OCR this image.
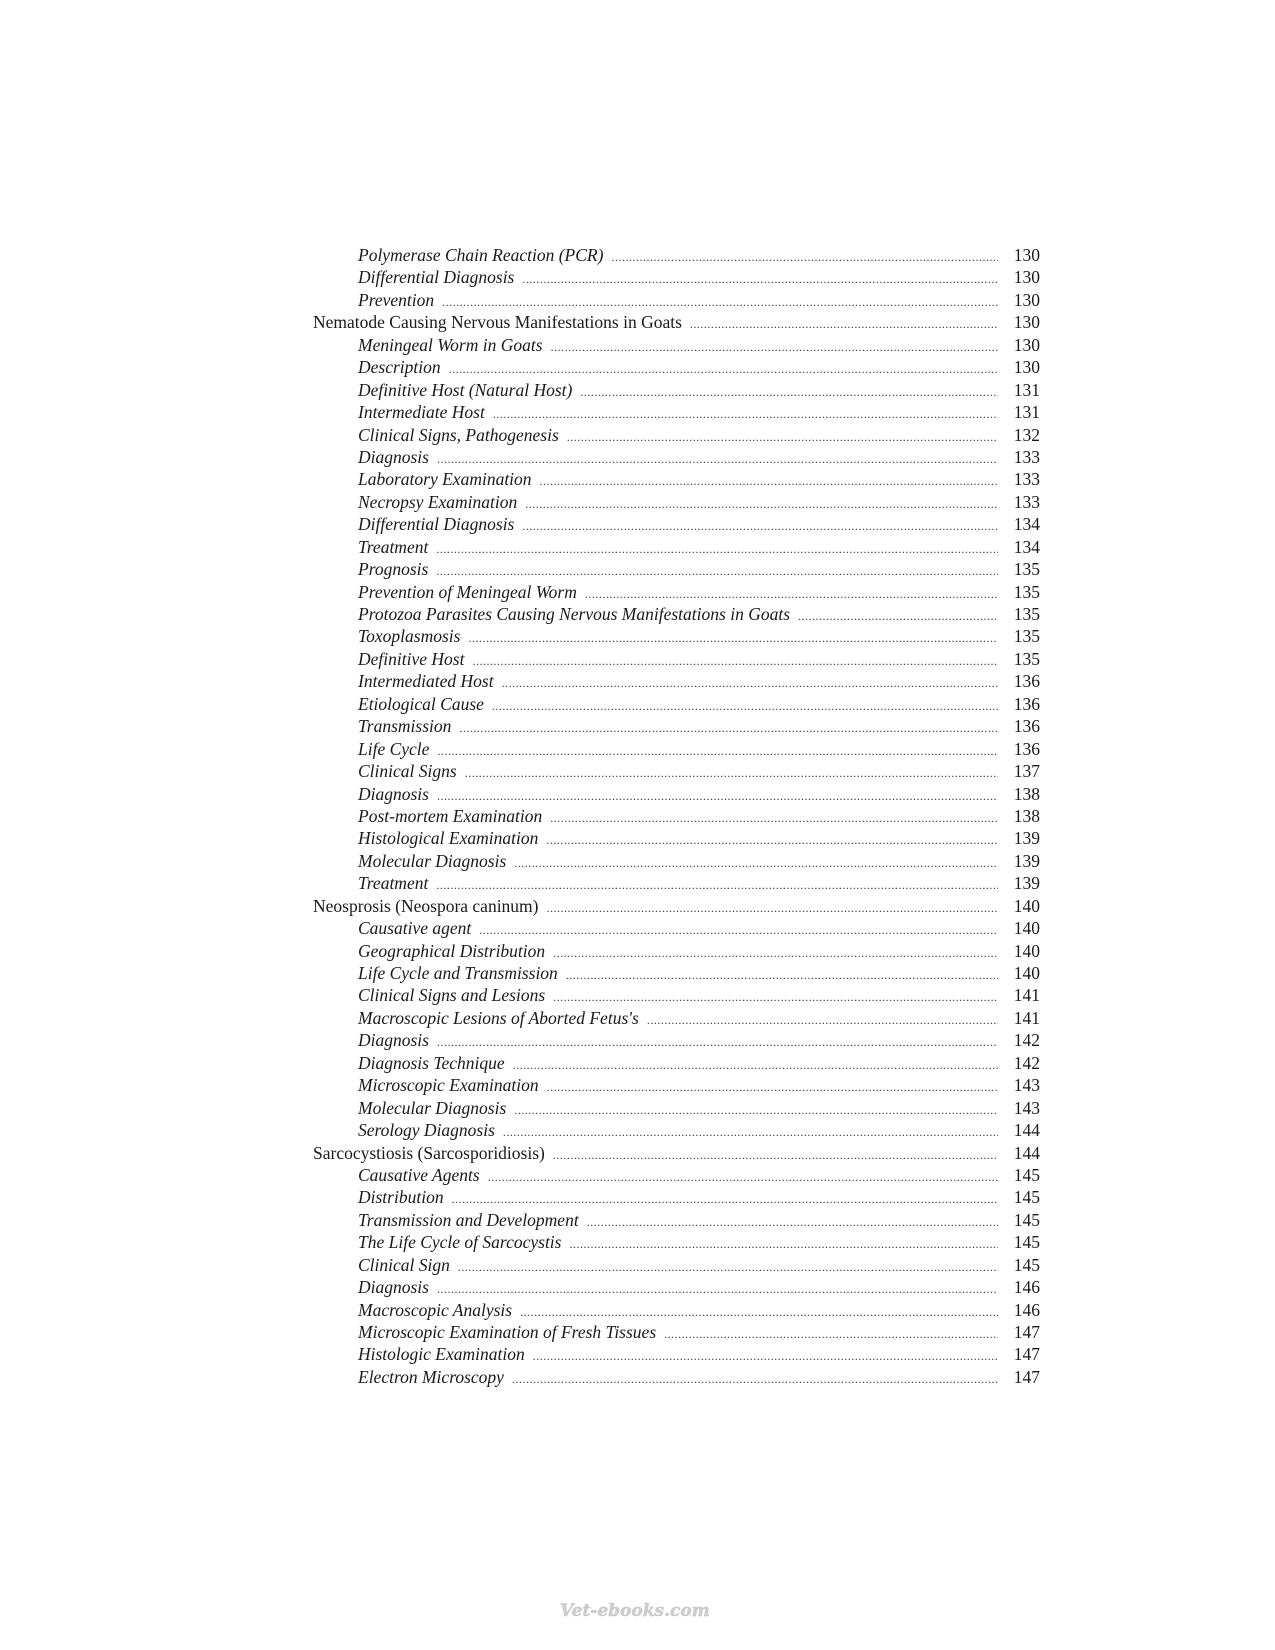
Polymerase Chain Reaction (PCR) .....	130
Differential Diagnosis .....	130
Prevention .....	130
Nematode Causing Nervous Manifestations in Goats .....	130
Meningeal Worm in Goats .....	130
Description .....	130
Definitive Host (Natural Host) .....	131
Intermediate Host .....	131
Clinical Signs, Pathogenesis .....	132
Diagnosis .....	133
Laboratory Examination .....	133
Necropsy Examination .....	133
Differential Diagnosis .....	134
Treatment .....	134
Prognosis .....	135
Prevention of Meningeal Worm .....	135
Protozoa Parasites Causing Nervous Manifestations in Goats .....	135
Toxoplasmosis .....	135
Definitive Host .....	135
Intermediated Host .....	136
Etiological Cause .....	136
Transmission .....	136
Life Cycle .....	136
Clinical Signs .....	137
Diagnosis .....	138
Post-mortem Examination .....	138
Histological Examination .....	139
Molecular Diagnosis .....	139
Treatment .....	139
Neosprosis (Neospora caninum) .....	140
Causative agent .....	140
Geographical Distribution .....	140
Life Cycle and Transmission .....	140
Clinical Signs and Lesions .....	141
Macroscopic Lesions of Aborted Fetus's .....	141
Diagnosis .....	142
Diagnosis Technique .....	142
Microscopic Examination .....	143
Molecular Diagnosis .....	143
Serology Diagnosis .....	144
Sarcocystiosis (Sarcosporidiosis) .....	144
Causative Agents .....	145
Distribution .....	145
Transmission and Development .....	145
The Life Cycle of Sarcocystis .....	145
Clinical Sign .....	145
Diagnosis .....	146
Macroscopic Analysis .....	146
Microscopic Examination of Fresh Tissues .....	147
Histologic Examination .....	147
Electron Microscopy .....	147
Vet-ebooks.com
